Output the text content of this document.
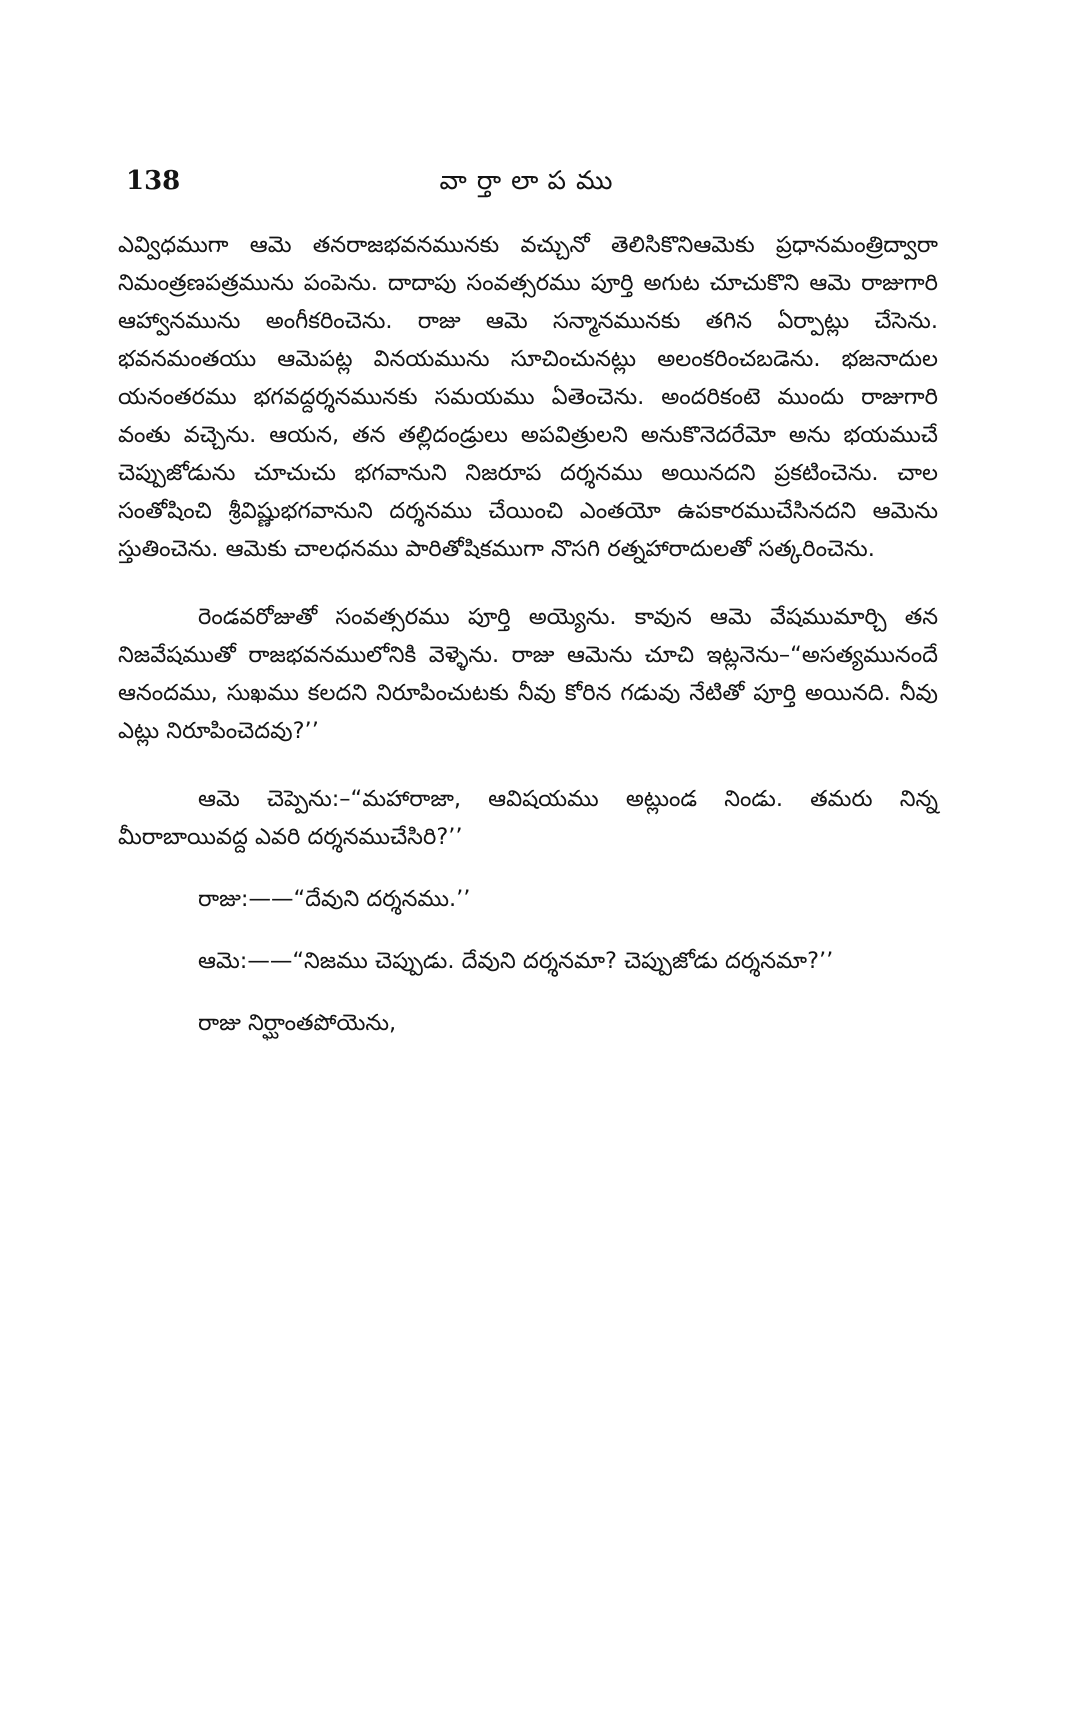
138	వార్తాలాపము

ఎవ్విధముగా ఆమె తనరాజభవనమునకు వచ్చునో తెలిసికొనిఆమెకు ప్రధానమంత్రిద్వారా నిమంత్రణపత్రమును పంపెను. దాదాపు సంవత్సరము పూర్తి అగుట చూచుకొని ఆమె రాజుగారి ఆహ్వానమును అంగీకరించెను. రాజు ఆమె సన్మానమునకు తగిన ఏర్పాట్లు చేసెను. భవనమంతయు ఆమెపట్ల వినయమును సూచించునట్లు అలంకరించబడెను. భజనాదుల యనంతరము భగవద్దర్శనమునకు సమయము ఏతెంచెను. అందరికంటె ముందు రాజుగారి వంతు వచ్చెను. ఆయన, తన తల్లిదండ్రులు అపవిత్రులని అనుకొనెదరేమో అను భయముచే చెప్పుజోడును చూచుచు భగవానుని నిజరూప దర్శనము అయినదని ప్రకటించెను. చాల సంతోషించి శ్రీవిష్ణుభగవానుని దర్శనము చేయించి ఎంతయో ఉపకారముచేసినదని ఆమెను స్తుతించెను. ఆమెకు చాలధనము పారితోషికముగా నొసగి రత్నహారాదులతో సత్కరించెను.

రెండవరోజుతో సంవత్సరము పూర్తి అయ్యెను. కావున ఆమె వేషముమార్చి తన నిజవేషముతో రాజభవనములోనికి వెళ్ళెను. రాజు ఆమెను చూచి ఇట్లనెను–“అసత్యమునందే ఆనందము, సుఖము కలదని నిరూపించుటకు నీవు కోరిన గడువు నేటితో పూర్తి అయినది. నీవు ఎట్లు నిరూపించెదవు?’’

ఆమె చెప్పెను:–“మహారాజా, ఆవిషయము అట్లుండ నిండు. తమరు నిన్న మీరాబాయివద్ద ఎవరి దర్శనముచేసిరి?’’

రాజు:——“దేవుని దర్శనము.’’

ఆమె:——“నిజము చెప్పుడు. దేవుని దర్శనమా? చెప్పుజోడు దర్శనమా?’’

రాజు నిర్ఘాంతపోయెను,
